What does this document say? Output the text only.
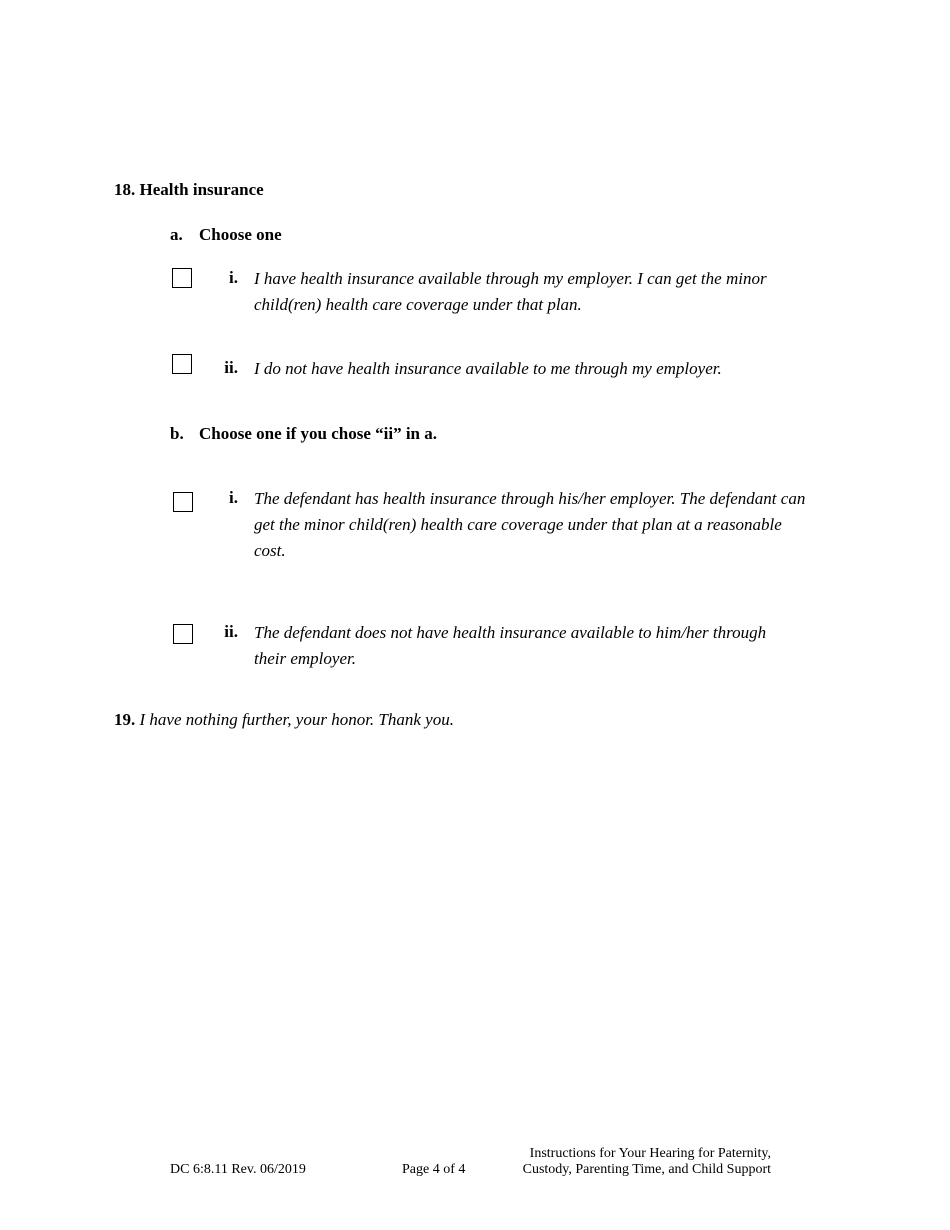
18. Health insurance
a. Choose one
i. I have health insurance available through my employer. I can get the minor child(ren) health care coverage under that plan.
ii. I do not have health insurance available to me through my employer.
b. Choose one if you chose “ii” in a.
i. The defendant has health insurance through his/her employer. The defendant can get the minor child(ren) health care coverage under that plan at a reasonable cost.
ii. The defendant does not have health insurance available to him/her through their employer.
19. I have nothing further, your honor. Thank you.
DC 6:8.11 Rev. 06/2019	Page 4 of 4
Instructions for Your Hearing for Paternity,
Custody, Parenting Time, and Child Support
